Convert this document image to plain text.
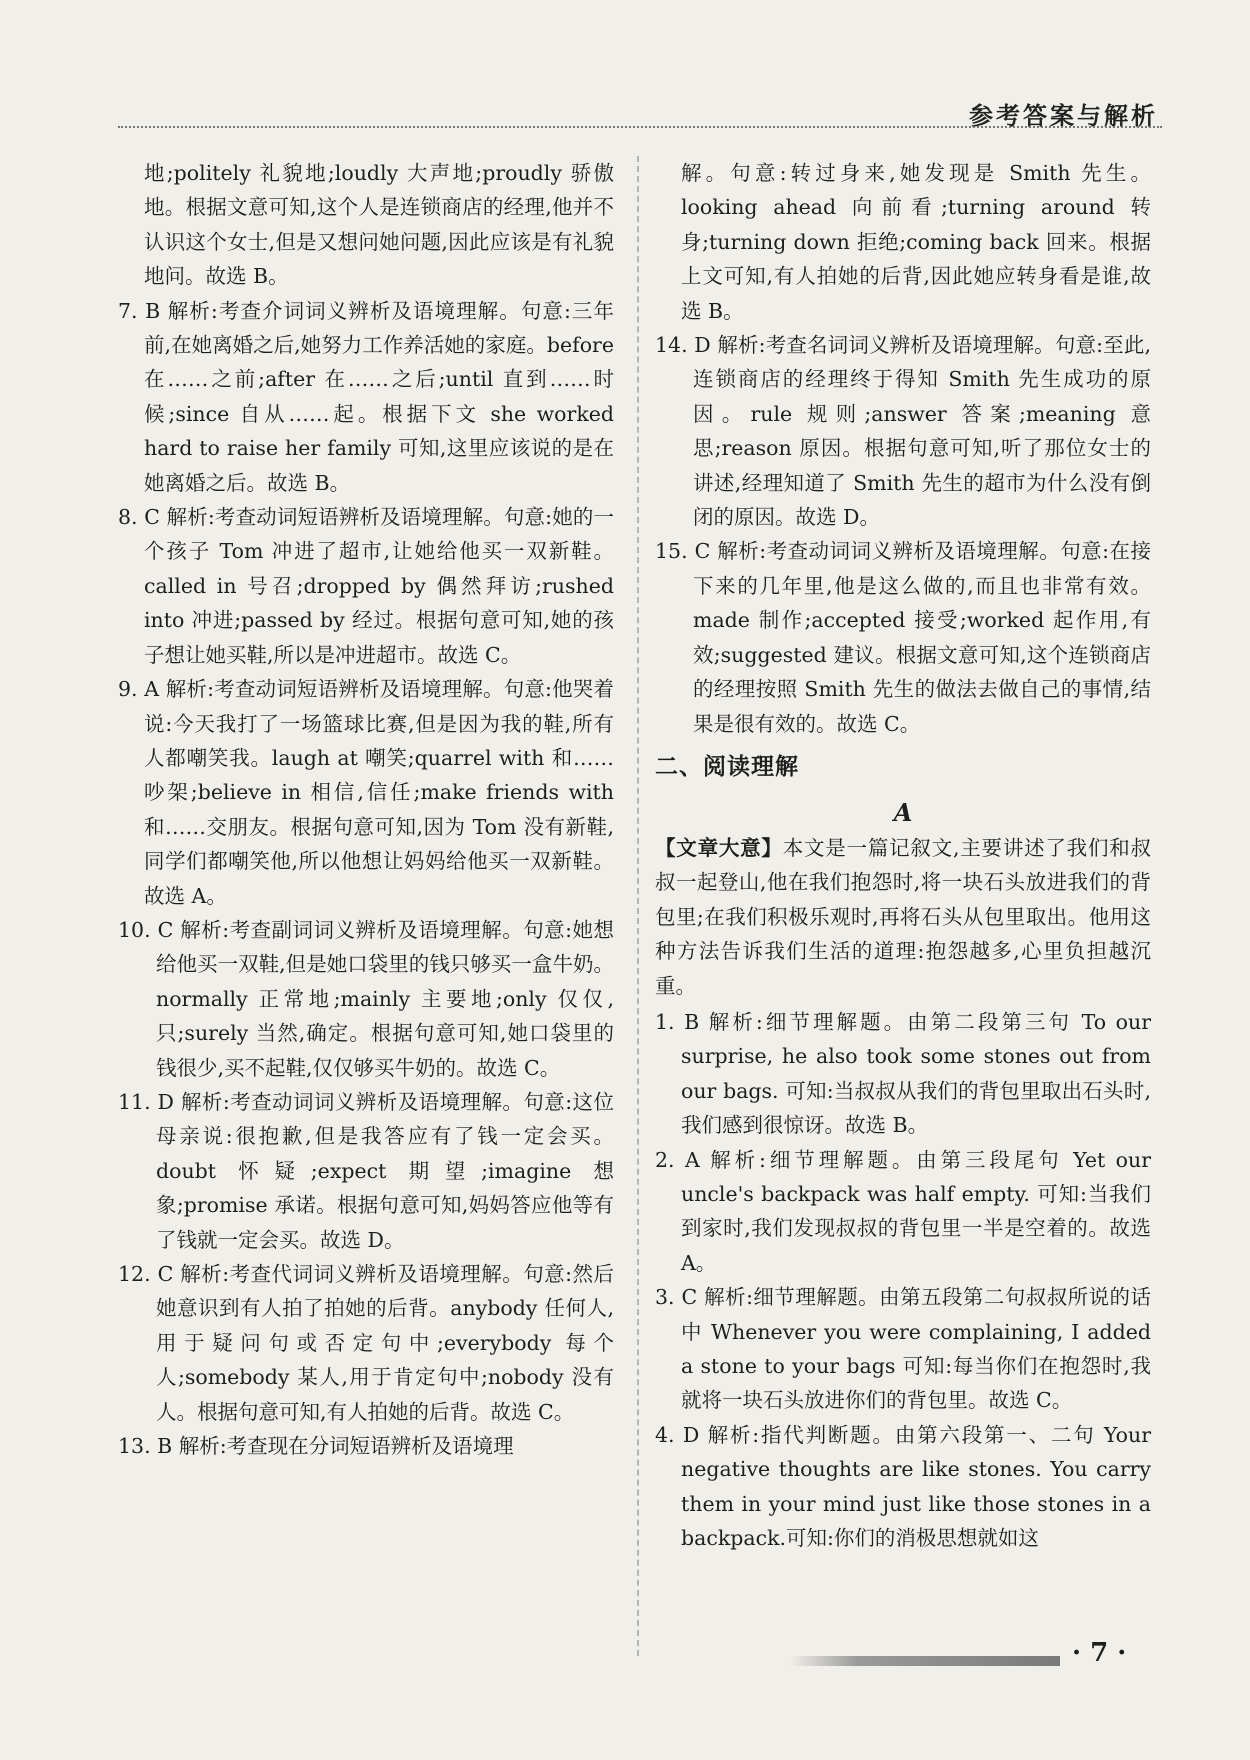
参考答案与解析

地;politely 礼貌地;loudly 大声地;proudly 骄傲地。根据文意可知,这个人是连锁商店的经理,他并不认识这个女士,但是又想问她问题,因此应该是有礼貌地问。故选 B。

7. B 解析:考查介词词义辨析及语境理解。句意:三年前,在她离婚之后,她努力工作养活她的家庭。before 在……之前;after 在……之后;until 直到……时候;since 自从……起。根据下文 she worked hard to raise her family 可知,这里应该说的是在她离婚之后。故选 B。

8. C 解析:考查动词短语辨析及语境理解。句意:她的一个孩子 Tom 冲进了超市,让她给他买一双新鞋。called in 号召;dropped by 偶然拜访;rushed into 冲进;passed by 经过。根据句意可知,她的孩子想让她买鞋,所以是冲进超市。故选 C。

9. A 解析:考查动词短语辨析及语境理解。句意:他哭着说:今天我打了一场篮球比赛,但是因为我的鞋,所有人都嘲笑我。laugh at 嘲笑;quarrel with 和……吵架;believe in 相信,信任;make friends with 和……交朋友。根据句意可知,因为 Tom 没有新鞋,同学们都嘲笑他,所以他想让妈妈给他买一双新鞋。故选 A。

10. C 解析:考查副词词义辨析及语境理解。句意:她想给他买一双鞋,但是她口袋里的钱只够买一盒牛奶。normally 正常地;mainly 主要地;only 仅仅,只;surely 当然,确定。根据句意可知,她口袋里的钱很少,买不起鞋,仅仅够买牛奶的。故选 C。

11. D 解析:考查动词词义辨析及语境理解。句意:这位母亲说:很抱歉,但是我答应有了钱一定会买。doubt 怀疑;expect 期望;imagine 想象;promise 承诺。根据句意可知,妈妈答应他等有了钱就一定会买。故选 D。

12. C 解析:考查代词词义辨析及语境理解。句意:然后她意识到有人拍了拍她的后背。anybody 任何人,用于疑问句或否定句中;everybody 每个人;somebody 某人,用于肯定句中;nobody 没有人。根据句意可知,有人拍她的后背。故选 C。

13. B 解析:考查现在分词短语辨析及语境理

解。句意:转过身来,她发现是 Smith 先生。looking ahead 向前看;turning around 转身;turning down 拒绝;coming back 回来。根据上文可知,有人拍她的后背,因此她应转身看是谁,故选 B。

14. D 解析:考查名词词义辨析及语境理解。句意:至此,连锁商店的经理终于得知 Smith 先生成功的原因。rule 规则;answer 答案;meaning 意思;reason 原因。根据句意可知,听了那位女士的讲述,经理知道了 Smith 先生的超市为什么没有倒闭的原因。故选 D。

15. C 解析:考查动词词义辨析及语境理解。句意:在接下来的几年里,他是这么做的,而且也非常有效。made 制作;accepted 接受;worked 起作用,有效;suggested 建议。根据文意可知,这个连锁商店的经理按照 Smith 先生的做法去做自己的事情,结果是很有效的。故选 C。

二、阅读理解

A

【文章大意】本文是一篇记叙文,主要讲述了我们和叔叔一起登山,他在我们抱怨时,将一块石头放进我们的背包里;在我们积极乐观时,再将石头从包里取出。他用这种方法告诉我们生活的道理:抱怨越多,心里负担越沉重。

1. B 解析:细节理解题。由第二段第三句 To our surprise, he also took some stones out from our bags. 可知:当叔叔从我们的背包里取出石头时,我们感到很惊讶。故选 B。

2. A 解析:细节理解题。由第三段尾句 Yet our uncle's backpack was half empty. 可知:当我们到家时,我们发现叔叔的背包里一半是空着的。故选 A。

3. C 解析:细节理解题。由第五段第二句叔叔所说的话中 Whenever you were complaining, I added a stone to your bags 可知:每当你们在抱怨时,我就将一块石头放进你们的背包里。故选 C。

4. D 解析:指代判断题。由第六段第一、二句 Your negative thoughts are like stones. You carry them in your mind just like those stones in a backpack.可知:你们的消极思想就如这

· 7 ·
